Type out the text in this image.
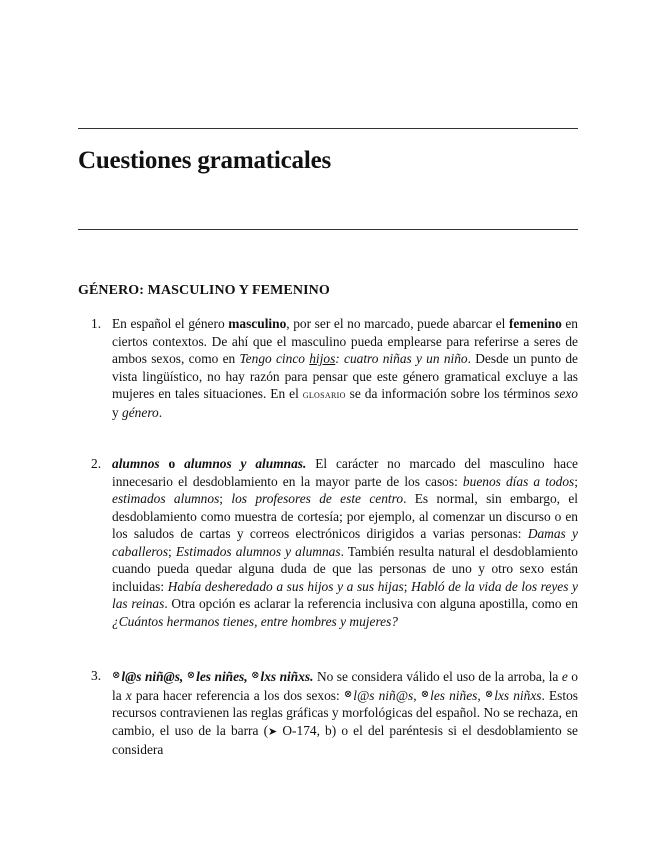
Cuestiones gramaticales
GÉNERO: MASCULINO Y FEMENINO
1. En español el género masculino, por ser el no marcado, puede abarcar el femenino en ciertos contextos. De ahí que el masculino pueda emplearse para referirse a seres de ambos sexos, como en Tengo cinco hijos: cuatro niñas y un niño. Desde un punto de vista lingüístico, no hay razón para pensar que este género gramatical excluye a las mujeres en tales situaciones. En el glosario se da información sobre los términos sexo y género.
2. alumnos o alumnos y alumnas. El carácter no marcado del masculino hace innecesario el desdoblamiento en la mayor parte de los casos: buenos días a todos; estimados alumnos; los profesores de este centro. Es normal, sin embargo, el desdoblamiento como muestra de cortesía; por ejemplo, al comenzar un discurso o en los saludos de cartas y correos electrónicos dirigidos a varias personas: Damas y caballeros; Estimados alumnos y alumnas. También resulta natural el desdoblamiento cuando pueda quedar alguna duda de que las personas de uno y otro sexo están incluidas: Había desheredado a sus hijos y a sus hijas; Habló de la vida de los reyes y las reinas. Otra opción es aclarar la referencia inclusiva con alguna apostilla, como en ¿Cuántos hermanos tienes, entre hombres y mujeres?
3. ⊗l@s niñ@s, ⊗les niñes, ⊗lxs niñxs. No se considera válido el uso de la arroba, la e o la x para hacer referencia a los dos sexos: ⊗l@s niñ@s, ⊗les niñes, ⊗lxs niñxs. Estos recursos contravienen las reglas gráficas y morfológicas del español. No se rechaza, en cambio, el uso de la barra (➤ O-174, b) o el del paréntesis si el desdoblamiento se considera
